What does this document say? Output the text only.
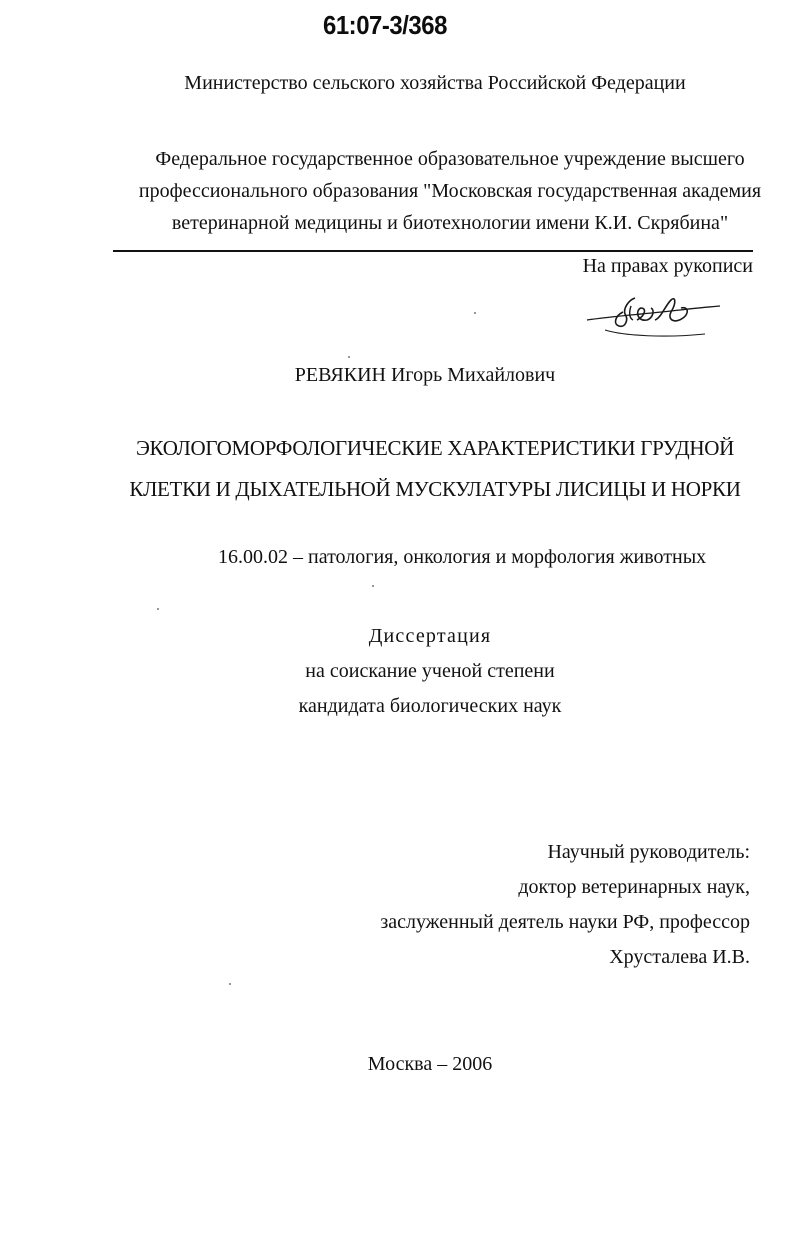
61:07-3/368
Министерство сельского хозяйства Российской Федерации
Федеральное государственное образовательное учреждение высшего
профессионального образования "Московская государственная академия
ветеринарной медицины и биотехнологии имени К.И. Скрябина"
На правах рукописи
РЕВЯКИН Игорь Михайлович
ЭКОЛОГОМОРФОЛОГИЧЕСКИЕ ХАРАКТЕРИСТИКИ ГРУДНОЙ
КЛЕТКИ И ДЫХАТЕЛЬНОЙ МУСКУЛАТУРЫ ЛИСИЦЫ И НОРКИ
16.00.02 – патология, онкология и морфология животных
Диссертация
на соискание ученой степени
кандидата биологических наук
Научный руководитель:
доктор ветеринарных наук,
заслуженный деятель науки РФ, профессор
Хрусталева И.В.
Москва – 2006
